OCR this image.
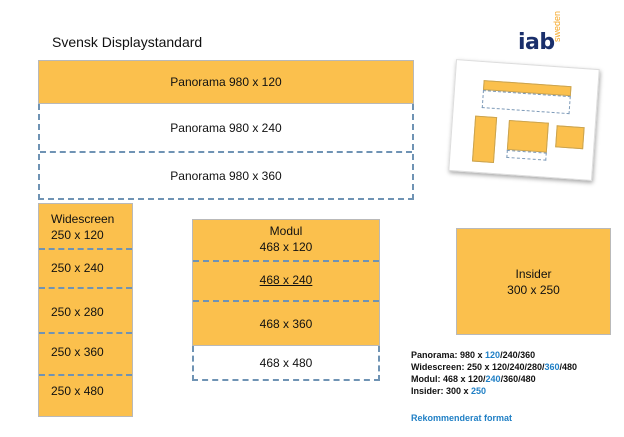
Svensk Displaystandard	iab
sweden
Panorama 980 x 120
Panorama 980 x 240
Panorama 980 x 360
Widescreen
250 x 120
250 x 240
250 x 280
250 x 360
250 x 480
Modul
468 x 120
468 x 240
468 x 360
468 x 480
Insider
300 x 250
Panorama: 980 x 120/240/360
Widescreen: 250 x 120/240/280/360/480
Modul: 468 x 120/240/360/480
Insider: 300 x 250
Rekommenderat format
